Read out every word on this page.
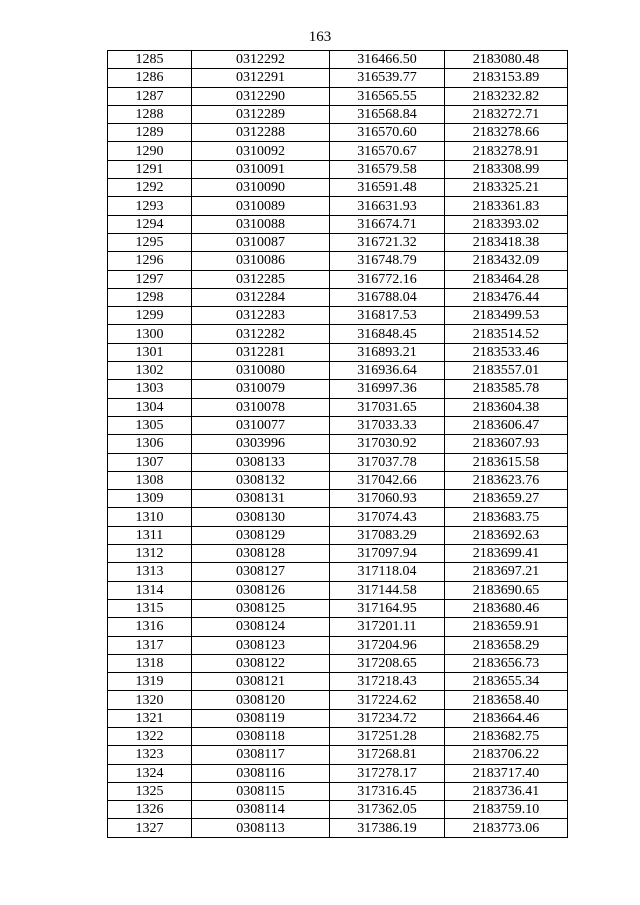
163
1285	0312292	316466.50	2183080.48
1286	0312291	316539.77	2183153.89
1287	0312290	316565.55	2183232.82
1288	0312289	316568.84	2183272.71
1289	0312288	316570.60	2183278.66
1290	0310092	316570.67	2183278.91
1291	0310091	316579.58	2183308.99
1292	0310090	316591.48	2183325.21
1293	0310089	316631.93	2183361.83
1294	0310088	316674.71	2183393.02
1295	0310087	316721.32	2183418.38
1296	0310086	316748.79	2183432.09
1297	0312285	316772.16	2183464.28
1298	0312284	316788.04	2183476.44
1299	0312283	316817.53	2183499.53
1300	0312282	316848.45	2183514.52
1301	0312281	316893.21	2183533.46
1302	0310080	316936.64	2183557.01
1303	0310079	316997.36	2183585.78
1304	0310078	317031.65	2183604.38
1305	0310077	317033.33	2183606.47
1306	0303996	317030.92	2183607.93
1307	0308133	317037.78	2183615.58
1308	0308132	317042.66	2183623.76
1309	0308131	317060.93	2183659.27
1310	0308130	317074.43	2183683.75
1311	0308129	317083.29	2183692.63
1312	0308128	317097.94	2183699.41
1313	0308127	317118.04	2183697.21
1314	0308126	317144.58	2183690.65
1315	0308125	317164.95	2183680.46
1316	0308124	317201.11	2183659.91
1317	0308123	317204.96	2183658.29
1318	0308122	317208.65	2183656.73
1319	0308121	317218.43	2183655.34
1320	0308120	317224.62	2183658.40
1321	0308119	317234.72	2183664.46
1322	0308118	317251.28	2183682.75
1323	0308117	317268.81	2183706.22
1324	0308116	317278.17	2183717.40
1325	0308115	317316.45	2183736.41
1326	0308114	317362.05	2183759.10
1327	0308113	317386.19	2183773.06
